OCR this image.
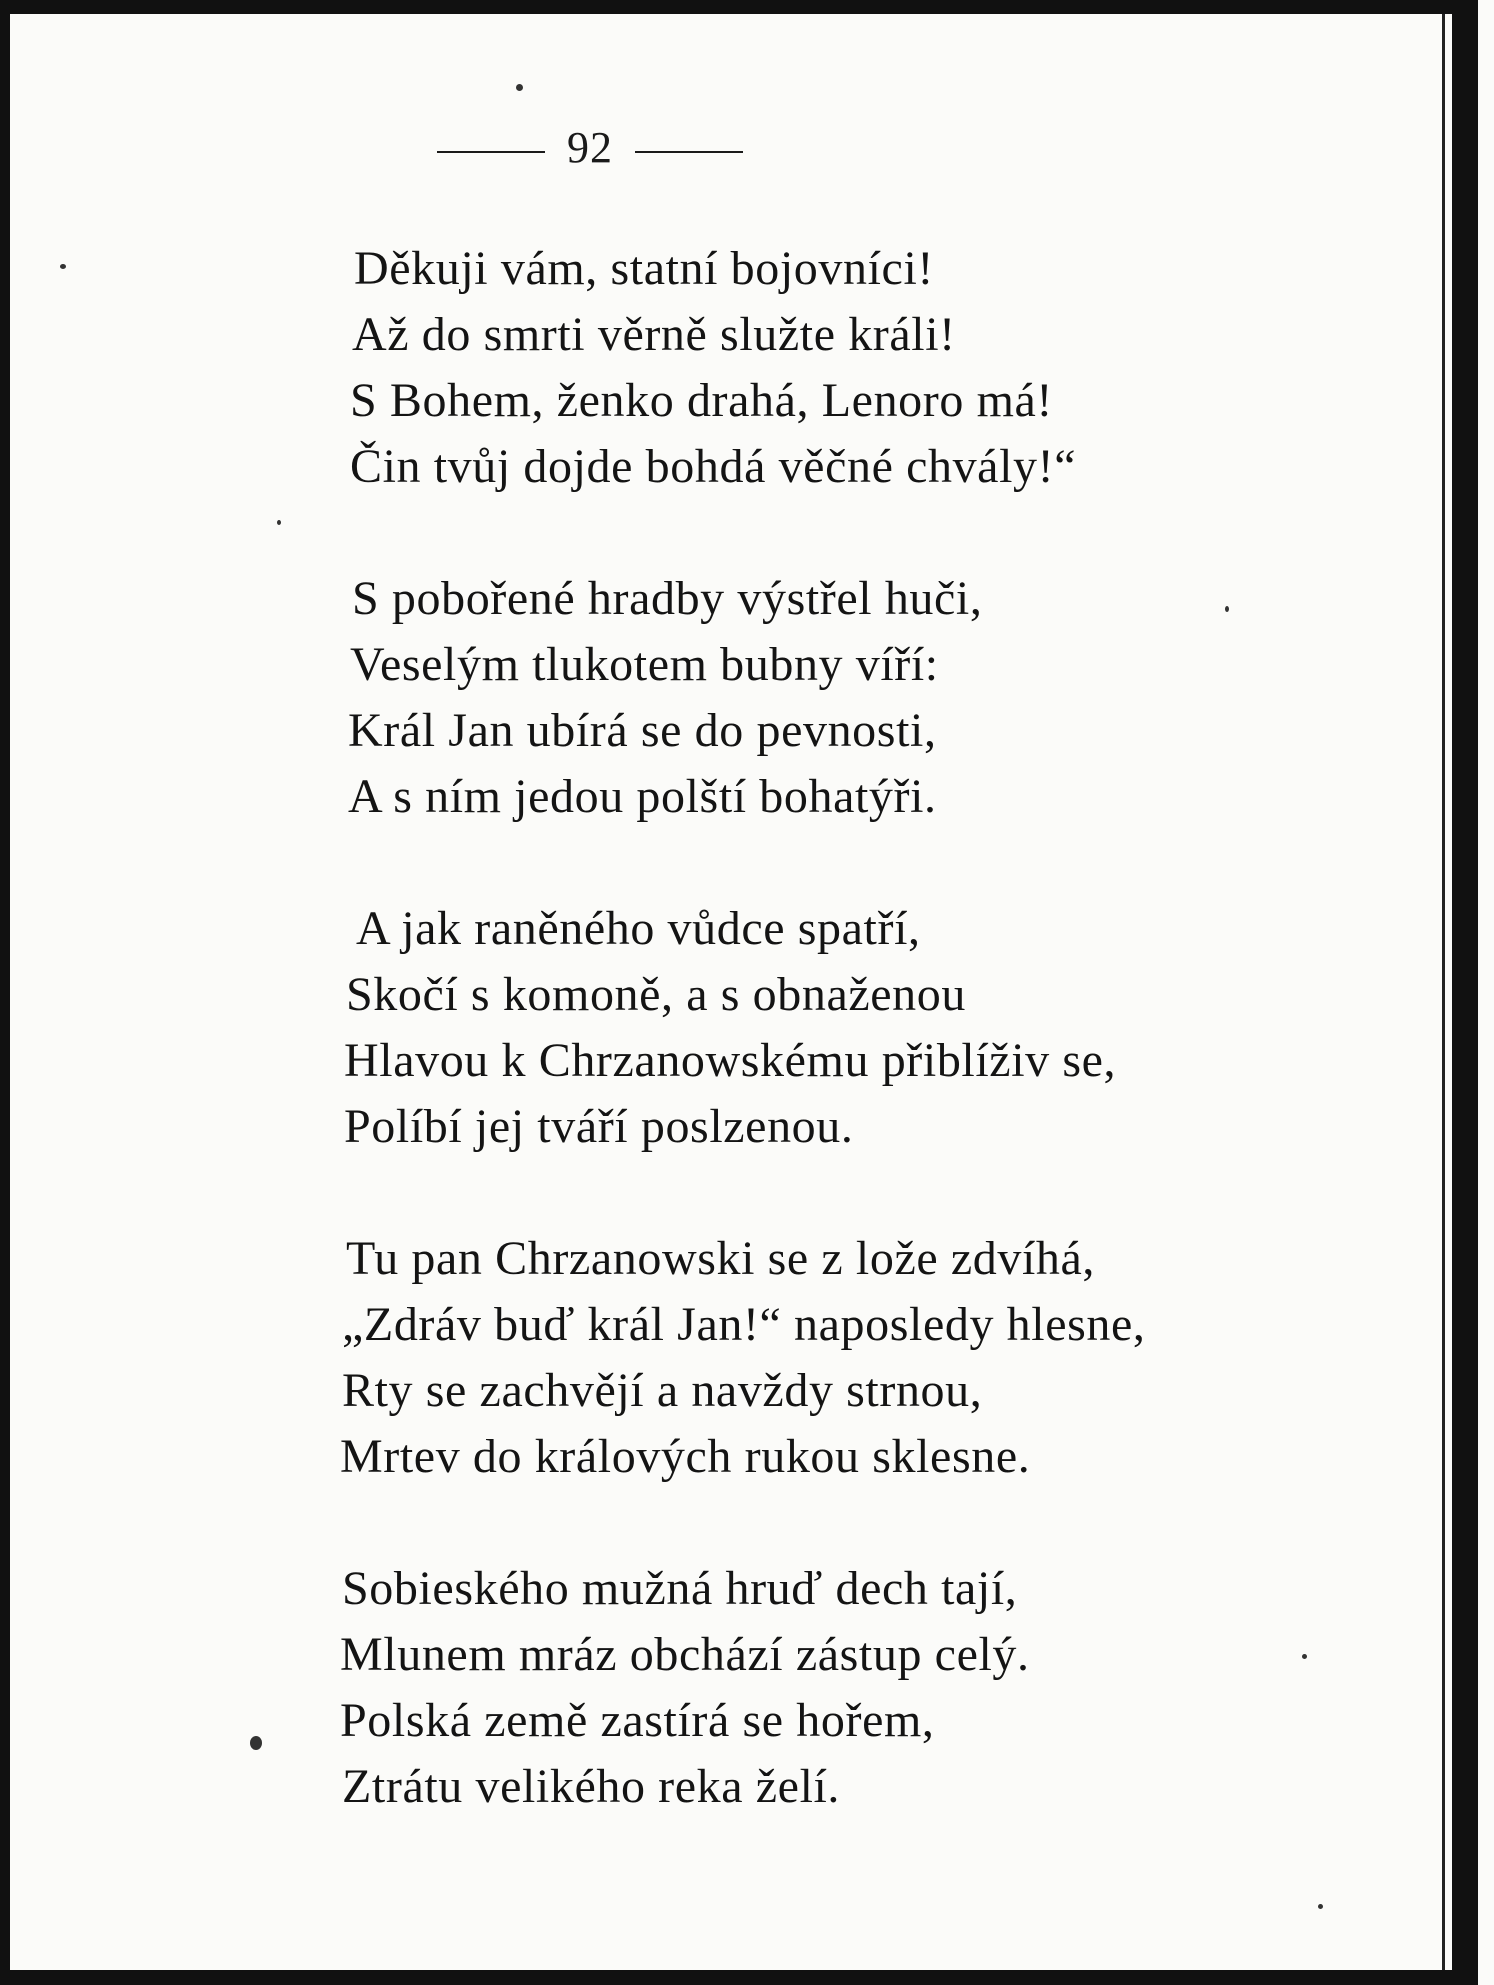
92
Děkuji vám, statní bojovníci!
Až do smrti věrně služte králi!
S Bohem, ženko drahá, Lenoro má!
Čin tvůj dojde bohdá věčné chvály!“
S pobořené hradby výstřel huči,
Veselým tlukotem bubny víří:
Král Jan ubírá se do pevnosti,
A s ním jedou polští bohatýři.
A jak raněného vůdce spatří,
Skočí s komoně, a s obnaženou
Hlavou k Chrzanowskému přiblíživ se,
Políbí jej tváří poslzenou.
Tu pan Chrzanowski se z lože zdvíhá,
„Zdráv buď král Jan!“ naposledy hlesne,
Rty se zachvějí a navždy strnou,
Mrtev do králových rukou sklesne.
Sobieského mužná hruď dech tají,
Mlunem mráz obchází zástup celý.
Polská země zastírá se hořem,
Ztrátu velikého reka želí.
